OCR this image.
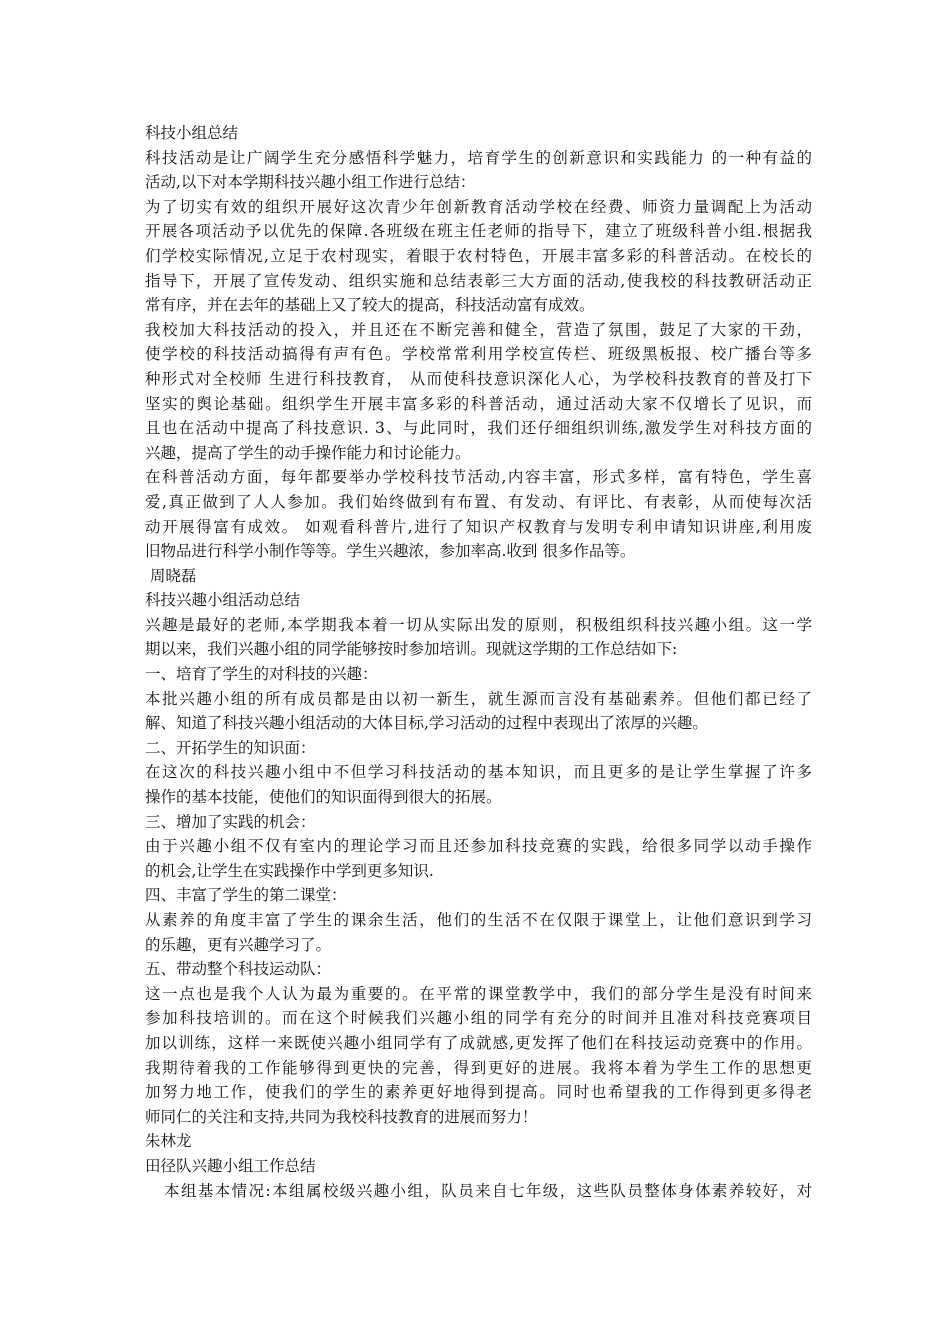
科技小组总结
科技活动是让广阔学生充分感悟科学魅力，培育学生的创新意识和实践能力 的一种有益的
活动,以下对本学期科技兴趣小组工作进行总结：
为了切实有效的组织开展好这次青少年创新教育活动学校在经费、师资力量调配上为活动
开展各项活动予以优先的保障.各班级在班主任老师的指导下，建立了班级科普小组.根据我
们学校实际情况,立足于农村现实，着眼于农村特色，开展丰富多彩的科普活动。在校长的
指导下，开展了宣传发动、组织实施和总结表彰三大方面的活动,使我校的科技教研活动正
常有序，并在去年的基础上又了较大的提高，科技活动富有成效。
我校加大科技活动的投入，并且还在不断完善和健全，营造了氛围，鼓足了大家的干劲，
使学校的科技活动搞得有声有色。学校常常利用学校宣传栏、班级黑板报、校广播台等多
种形式对全校师 生进行科技教育， 从而使科技意识深化人心，为学校科技教育的普及打下
坚实的舆论基础。组织学生开展丰富多彩的科普活动，通过活动大家不仅增长了见识，而
且也在活动中提高了科技意识. 3、与此同时，我们还仔细组织训练,激发学生对科技方面的
兴趣，提高了学生的动手操作能力和讨论能力。
在科普活动方面，每年都要举办学校科技节活动,内容丰富，形式多样，富有特色，学生喜
爱,真正做到了人人参加。我们始终做到有布置、有发动、有评比、有表彰，从而使每次活
动开展得富有成效。 如观看科普片,进行了知识产权教育与发明专利申请知识讲座,利用废
旧物品进行科学小制作等等。学生兴趣浓，参加率高.收到 很多作品等。
周晓磊
科技兴趣小组活动总结
兴趣是最好的老师,本学期我本着一切从实际出发的原则，积极组织科技兴趣小组。这一学
期以来，我们兴趣小组的同学能够按时参加培训。现就这学期的工作总结如下:
一、培育了学生的对科技的兴趣：
本批兴趣小组的所有成员都是由以初一新生，就生源而言没有基础素养。但他们都已经了
解、知道了科技兴趣小组活动的大体目标,学习活动的过程中表现出了浓厚的兴趣。
二、开拓学生的知识面：
在这次的科技兴趣小组中不但学习科技活动的基本知识，而且更多的是让学生掌握了许多
操作的基本技能，使他们的知识面得到很大的拓展。
三、增加了实践的机会：
由于兴趣小组不仅有室内的理论学习而且还参加科技竞赛的实践，给很多同学以动手操作
的机会,让学生在实践操作中学到更多知识.
四、丰富了学生的第二课堂：
从素养的角度丰富了学生的课余生活，他们的生活不在仅限于课堂上，让他们意识到学习
的乐趣，更有兴趣学习了。
五、带动整个科技运动队：
这一点也是我个人认为最为重要的。在平常的课堂教学中，我们的部分学生是没有时间来
参加科技培训的。而在这个时候我们兴趣小组的同学有充分的时间并且准对科技竞赛项目
加以训练，这样一来既使兴趣小组同学有了成就感,更发挥了他们在科技运动竞赛中的作用。
我期待着我的工作能够得到更快的完善，得到更好的进展。我将本着为学生工作的思想更
加努力地工作，使我们的学生的素养更好地得到提高。同时也希望我的工作得到更多得老
师同仁的关注和支持,共同为我校科技教育的进展而努力！
朱林龙
田径队兴趣小组工作总结
本组基本情况:本组属校级兴趣小组，队员来自七年级，这些队员整体身体素养较好，对
